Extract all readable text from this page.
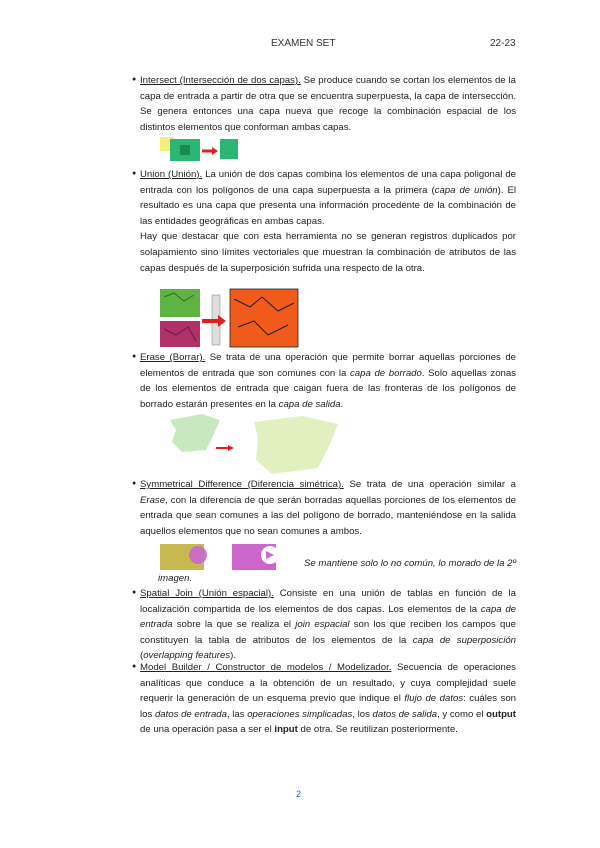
EXAMEN SET	22-23
● Intersect (Intersección de dos capas). Se produce cuando se cortan los elementos de la capa de entrada a partir de otra que se encuentra superpuesta, la capa de intersección. Se genera entonces una capa nueva que recoge la combinación espacial de los distintos elementos que conforman ambas capas.

● Union (Unión). La unión de dos capas combina los elementos de una capa poligonal de entrada con los polígonos de una capa superpuesta a la primera (capa de unión). El resultado es una capa que presenta una información procedente de la combinación de las entidades geográficas en ambas capas.

Hay que destacar que con esta herramienta no se generan registros duplicados por solapamiento sino límites vectoriales que muestran la combinación de atributos de las capas después de la superposición sufrida una respecto de la otra.

● Erase (Borrar). Se trata de una operación que permite borrar aquellas porciones de elementos de entrada que son comunes con la capa de borrado. Solo aquellas zonas de los elementos de entrada que caigan fuera de las fronteras de los polígonos de borrado estarán presentes en la capa de salida.

● Symmetrical Difference (Diferencia simétrica). Se trata de una operación similar a Erase, con la diferencia de que serán borradas aquellas porciones de los elementos de entrada que sean comunes a las del polígono de borrado, manteniéndose en la salida aquellos elementos que no sean comunes a ambos.

Se mantiene solo lo no común, lo morado de la 2º

imagen.

● Spatial Join (Unión espacial). Consiste en una unión de tablas en función de la localización compartida de los elementos de dos capas. Los elementos de la capa de entrada sobre la que se realiza el join espacial son los que reciben los campos que constituyen la tabla de atributos de los elementos de la capa de superposición (overlapping features).

● Model Builder / Constructor de modelos / Modelizador. Secuencia de operaciones analíticas que conduce a la obtención de un resultado, y cuya complejidad suele requerir la generación de un esquema previo que indique el flujo de datos: cuáles son los datos de entrada, las operaciones simplicadas, los datos de salida, y como el output de una operación pasa a ser el input de otra. Se reutilizan posteriormente.

2
